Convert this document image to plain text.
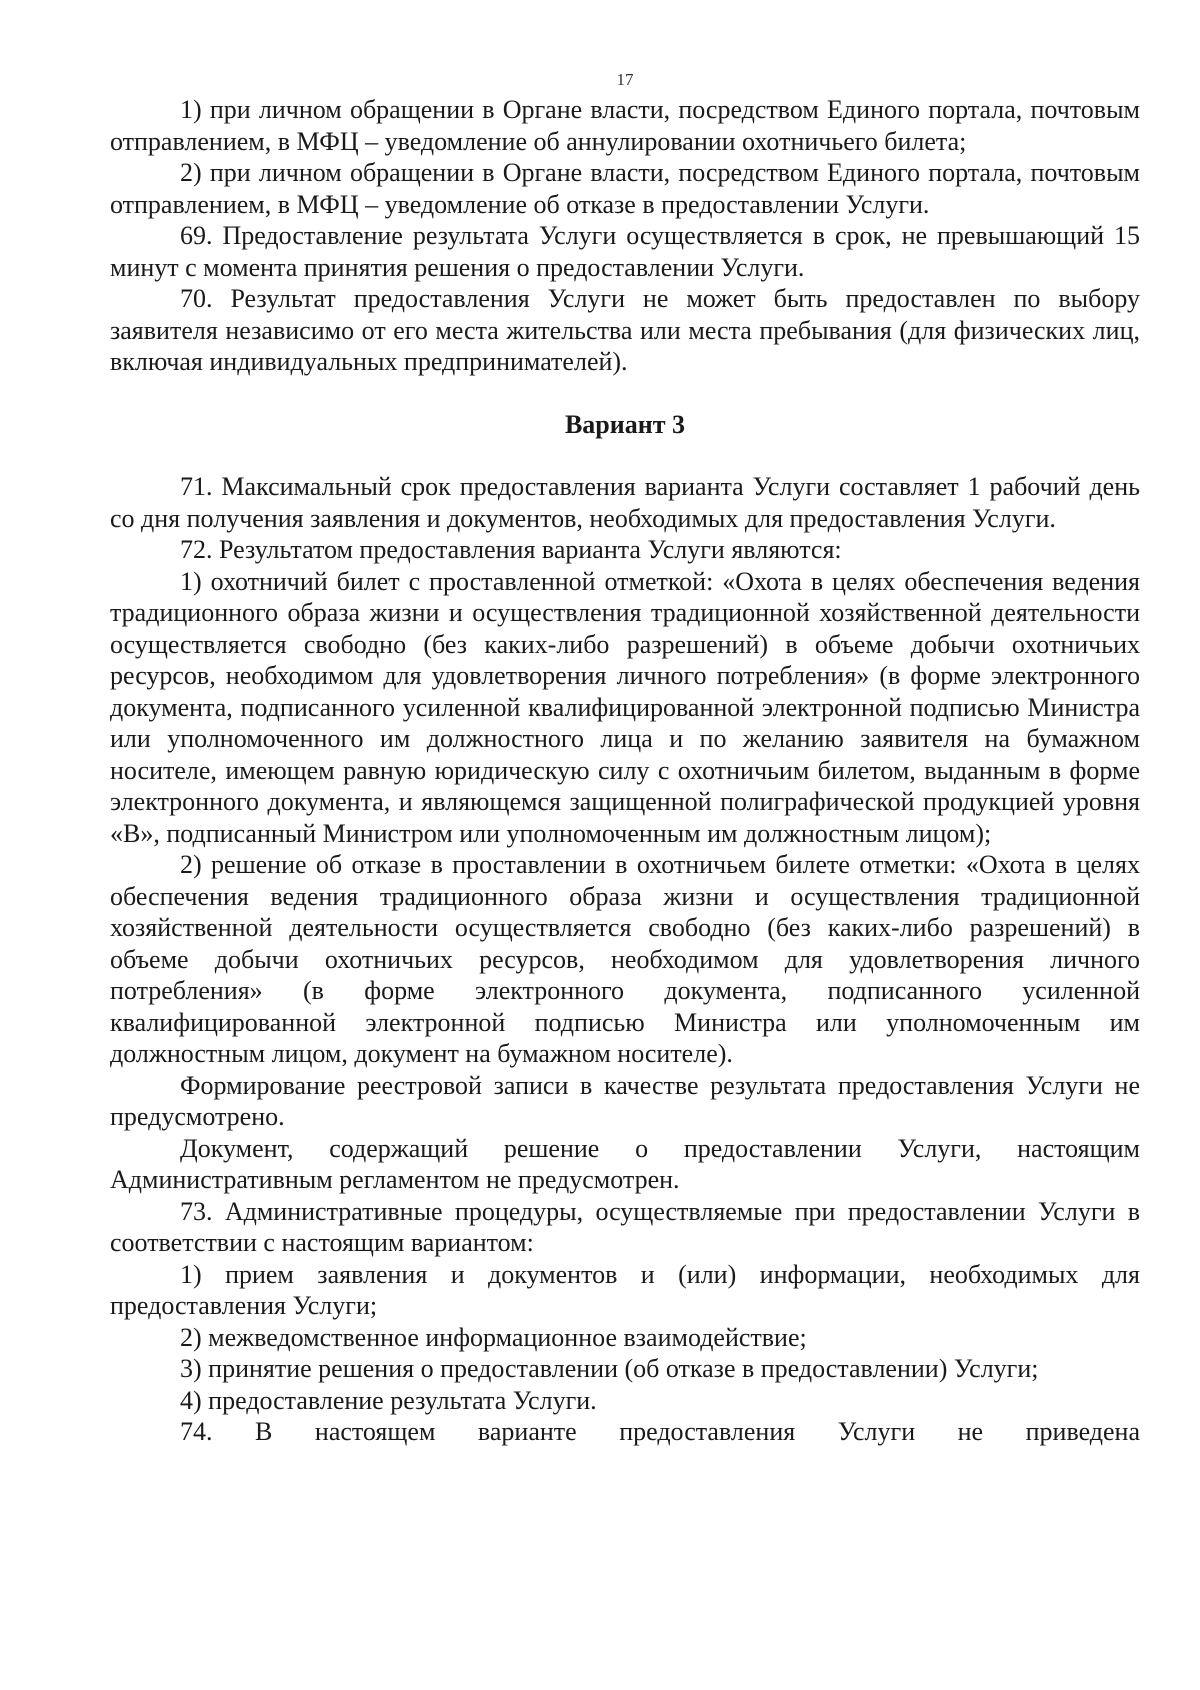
17

1) при личном обращении в Органе власти, посредством Единого портала, почтовым отправлением, в МФЦ – уведомление об аннулировании охотничьего билета;

2) при личном обращении в Органе власти, посредством Единого портала, почтовым отправлением, в МФЦ – уведомление об отказе в предоставлении Услуги.

69. Предоставление результата Услуги осуществляется в срок, не превышающий 15 минут с момента принятия решения о предоставлении Услуги.

70. Результат предоставления Услуги не может быть предоставлен по выбору заявителя независимо от его места жительства или места пребывания (для физических лиц, включая индивидуальных предпринимателей).

Вариант 3

71. Максимальный срок предоставления варианта Услуги составляет 1 рабочий день со дня получения заявления и документов, необходимых для предоставления Услуги.

72. Результатом предоставления варианта Услуги являются:

1) охотничий билет с проставленной отметкой: «Охота в целях обеспечения ведения традиционного образа жизни и осуществления традиционной хозяйственной деятельности осуществляется свободно (без каких-либо разрешений) в объеме добычи охотничьих ресурсов, необходимом для удовлетворения личного потребления» (в форме электронного документа, подписанного усиленной квалифицированной электронной подписью Министра или уполномоченного им должностного лица и по желанию заявителя на бумажном носителе, имеющем равную юридическую силу с охотничьим билетом, выданным в форме электронного документа, и являющемся защищенной полиграфической продукцией уровня «В», подписанный Министром или уполномоченным им должностным лицом);

2) решение об отказе в проставлении в охотничьем билете отметки: «Охота в целях обеспечения ведения традиционного образа жизни и осуществления традиционной хозяйственной деятельности осуществляется свободно (без каких-либо разрешений) в объеме добычи охотничьих ресурсов, необходимом для удовлетворения личного потребления» (в форме электронного документа, подписанного усиленной квалифицированной электронной подписью Министра или уполномоченным им должностным лицом, документ на бумажном носителе).

Формирование реестровой записи в качестве результата предоставления Услуги не предусмотрено.

Документ, содержащий решение о предоставлении Услуги, настоящим Административным регламентом не предусмотрен.

73. Административные процедуры, осуществляемые при предоставлении Услуги в соответствии с настоящим вариантом:

1) прием заявления и документов и (или) информации, необходимых для предоставления Услуги;

2) межведомственное информационное взаимодействие;

3) принятие решения о предоставлении (об отказе в предоставлении) Услуги;

4) предоставление результата Услуги.

74. В настоящем варианте предоставления Услуги не приведена
